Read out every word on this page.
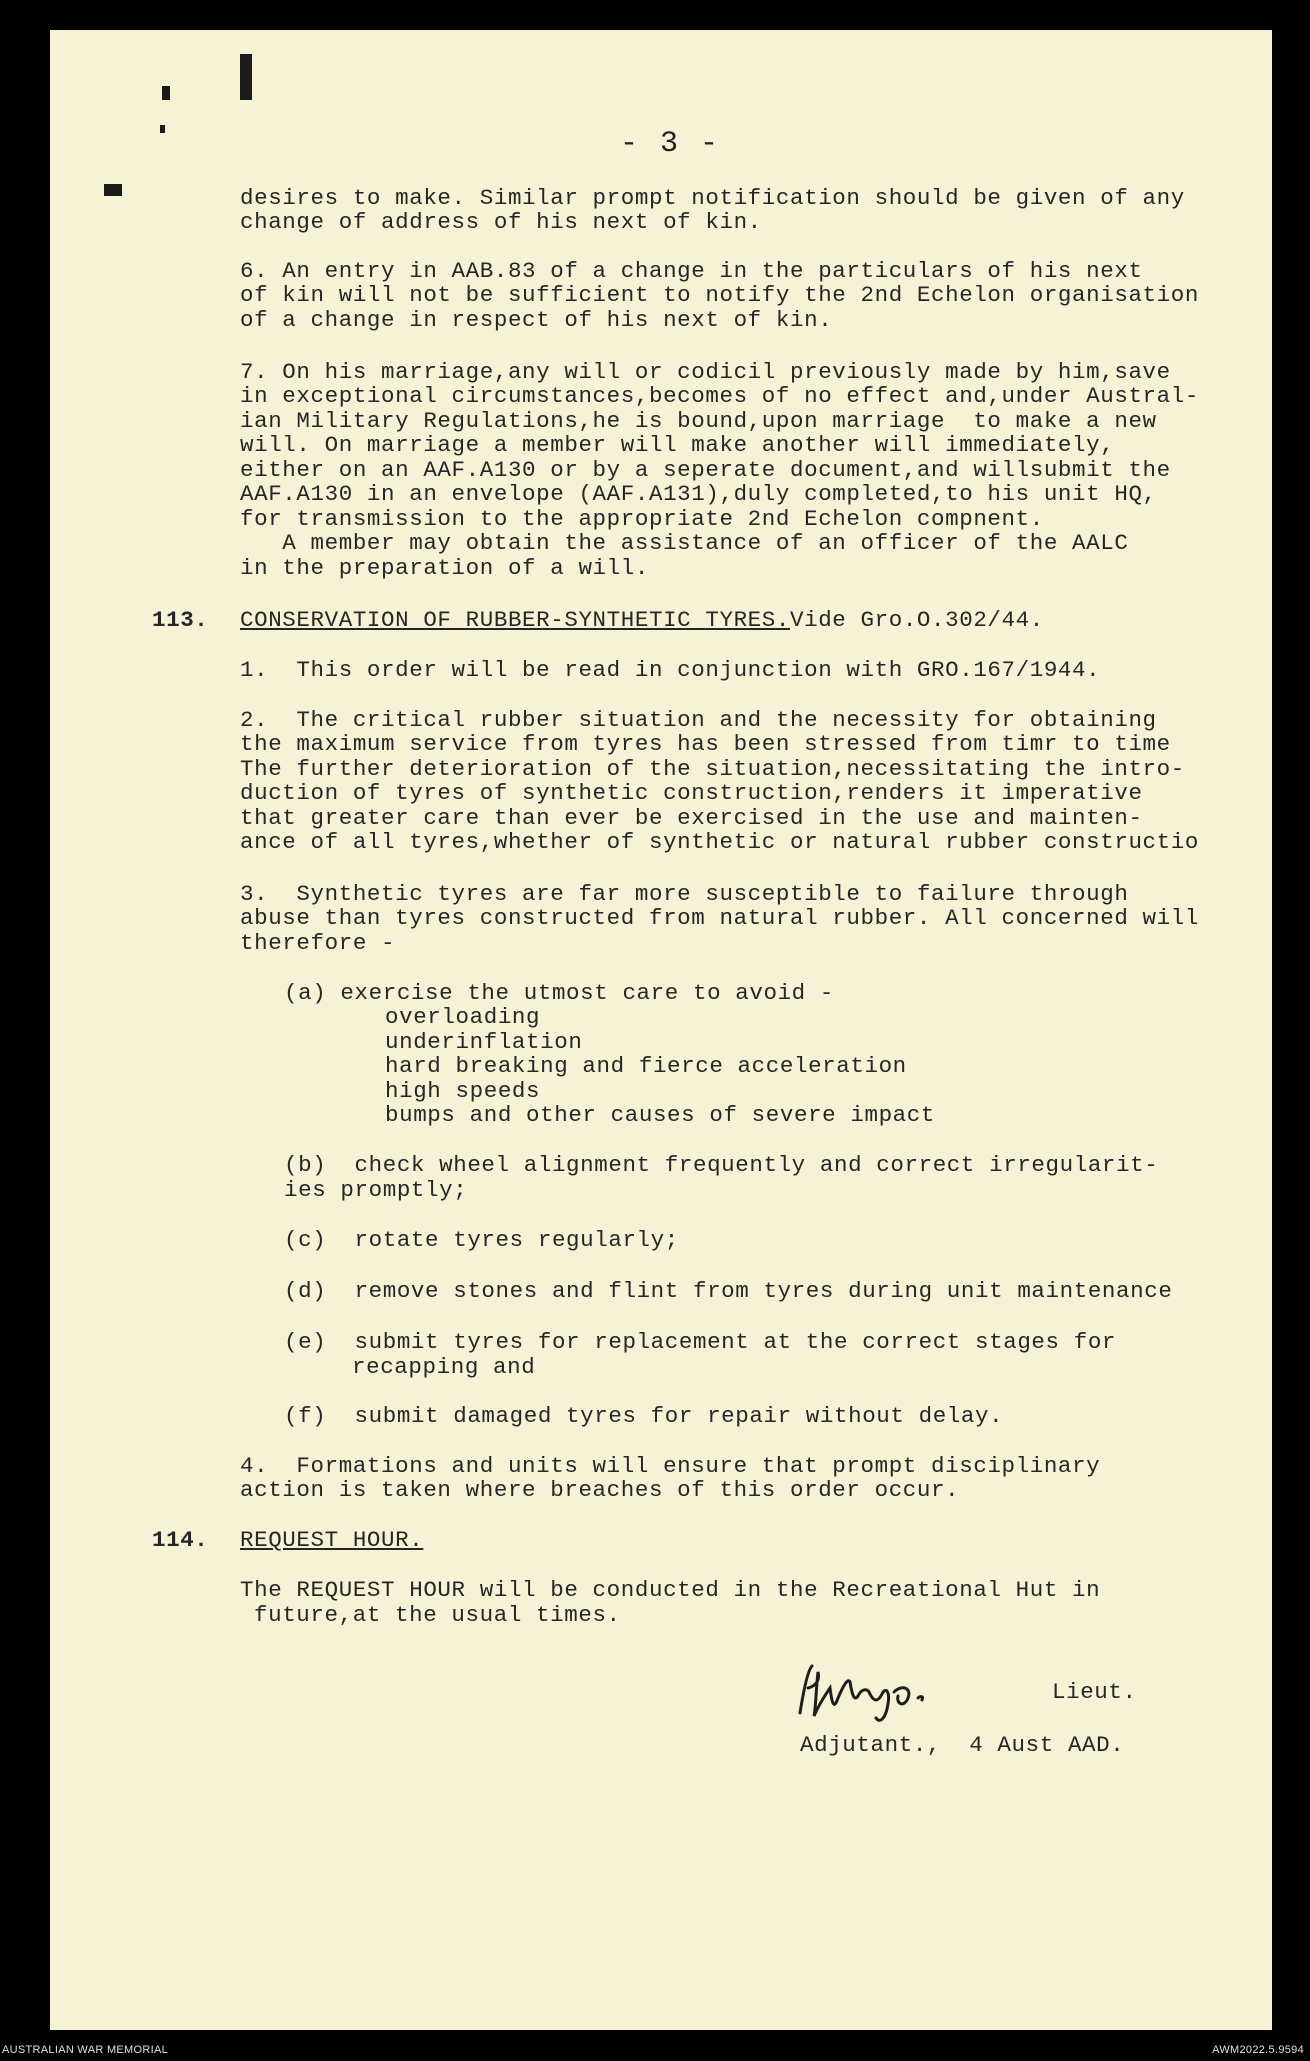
- 3 -

desires to make. Similar prompt notification should be given of any

change of address of his next of kin.

6. An entry in AAB.83 of a change in the particulars of his next

of kin will not be sufficient to notify the 2nd Echelon organisation

of a change in respect of his next of kin.

7. On his marriage,any will or codicil previously made by him,save

in exceptional circumstances,becomes of no effect and,under Austral-

ian Military Regulations,he is bound,upon marriage  to make a new

will. On marriage a member will make another will immediately,

either on an AAF.A130 or by a seperate document,and willsubmit the

AAF.A130 in an envelope (AAF.A131),duly completed,to his unit HQ,

for transmission to the appropriate 2nd Echelon compnent.

A member may obtain the assistance of an officer of the AALC

in the preparation of a will.

113.

CONSERVATION OF RUBBER-SYNTHETIC TYRES.Vide Gro.O.302/44.

1.  This order will be read in conjunction with GRO.167/1944.

2.  The critical rubber situation and the necessity for obtaining

the maximum service from tyres has been stressed from timr to time

The further deterioration of the situation,necessitating the intro-

duction of tyres of synthetic construction,renders it imperative

that greater care than ever be exercised in the use and mainten-

ance of all tyres,whether of synthetic or natural rubber constructio

3.  Synthetic tyres are far more susceptible to failure through

abuse than tyres constructed from natural rubber. All concerned will

therefore -

(a) exercise the utmost care to avoid -

overloading

underinflation

hard breaking and fierce acceleration

high speeds

bumps and other causes of severe impact

(b)  check wheel alignment frequently and correct irregularit-

ies promptly;

(c)  rotate tyres regularly;

(d)  remove stones and flint from tyres during unit maintenance

(e)  submit tyres for replacement at the correct stages for

recapping and

(f)  submit damaged tyres for repair without delay.

4.  Formations and units will ensure that prompt disciplinary

action is taken where breaches of this order occur.

114.

REQUEST HOUR.

The REQUEST HOUR will be conducted in the Recreational Hut in

future,at the usual times.

Lieut.

Adjutant.,  4 Aust AAD.

AUSTRALIAN WAR MEMORIAL	AWM2022.5.9594
